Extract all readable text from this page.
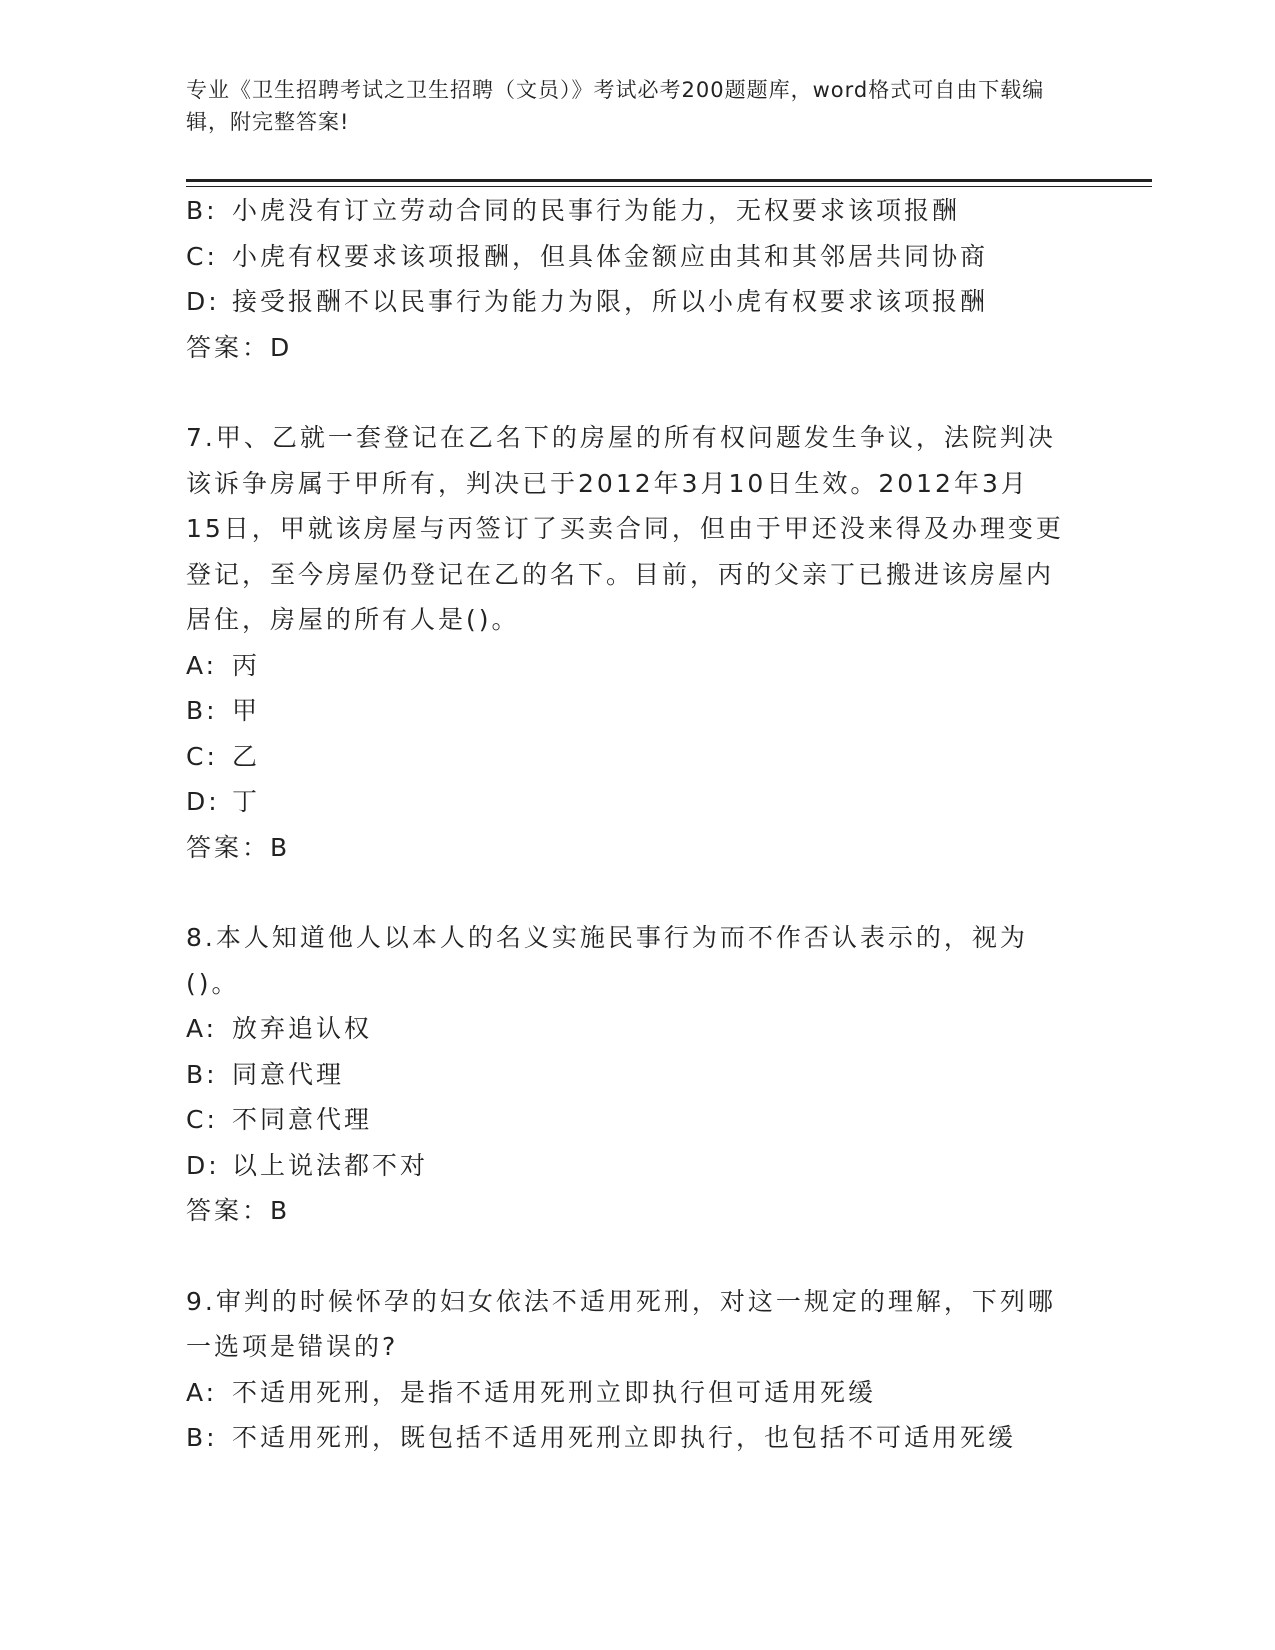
专业《卫生招聘考试之卫生招聘（文员）》考试必考200题题库，word格式可自由下载编辑，附完整答案!
B: 小虎没有订立劳动合同的民事行为能力，无权要求该项报酬
C: 小虎有权要求该项报酬，但具体金额应由其和其邻居共同协商
D: 接受报酬不以民事行为能力为限，所以小虎有权要求该项报酬
答案：D
7.甲、乙就一套登记在乙名下的房屋的所有权问题发生争议，法院判决该诉争房属于甲所有，判决已于2012年3月10日生效。2012年3月15日，甲就该房屋与丙签订了买卖合同，但由于甲还没来得及办理变更登记，至今房屋仍登记在乙的名下。目前，丙的父亲丁已搬进该房屋内居住，房屋的所有人是()。
A: 丙
B: 甲
C: 乙
D: 丁
答案：B
8.本人知道他人以本人的名义实施民事行为而不作否认表示的，视为()。
A: 放弃追认权
B: 同意代理
C: 不同意代理
D: 以上说法都不对
答案：B
9.审判的时候怀孕的妇女依法不适用死刑，对这一规定的理解，下列哪一选项是错误的?
A: 不适用死刑，是指不适用死刑立即执行但可适用死缓
B: 不适用死刑，既包括不适用死刑立即执行，也包括不可适用死缓
